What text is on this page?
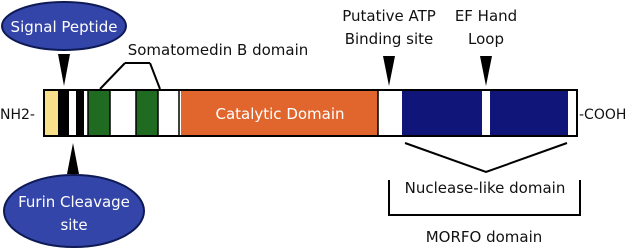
Signal Peptide
Somatomedin B domain
Putative ATP
Binding site
EF Hand
Loop
NH2-	-COOH
Catalytic Domain
Furin Cleavage
site
Nuclease-like domain
MORFO domain
